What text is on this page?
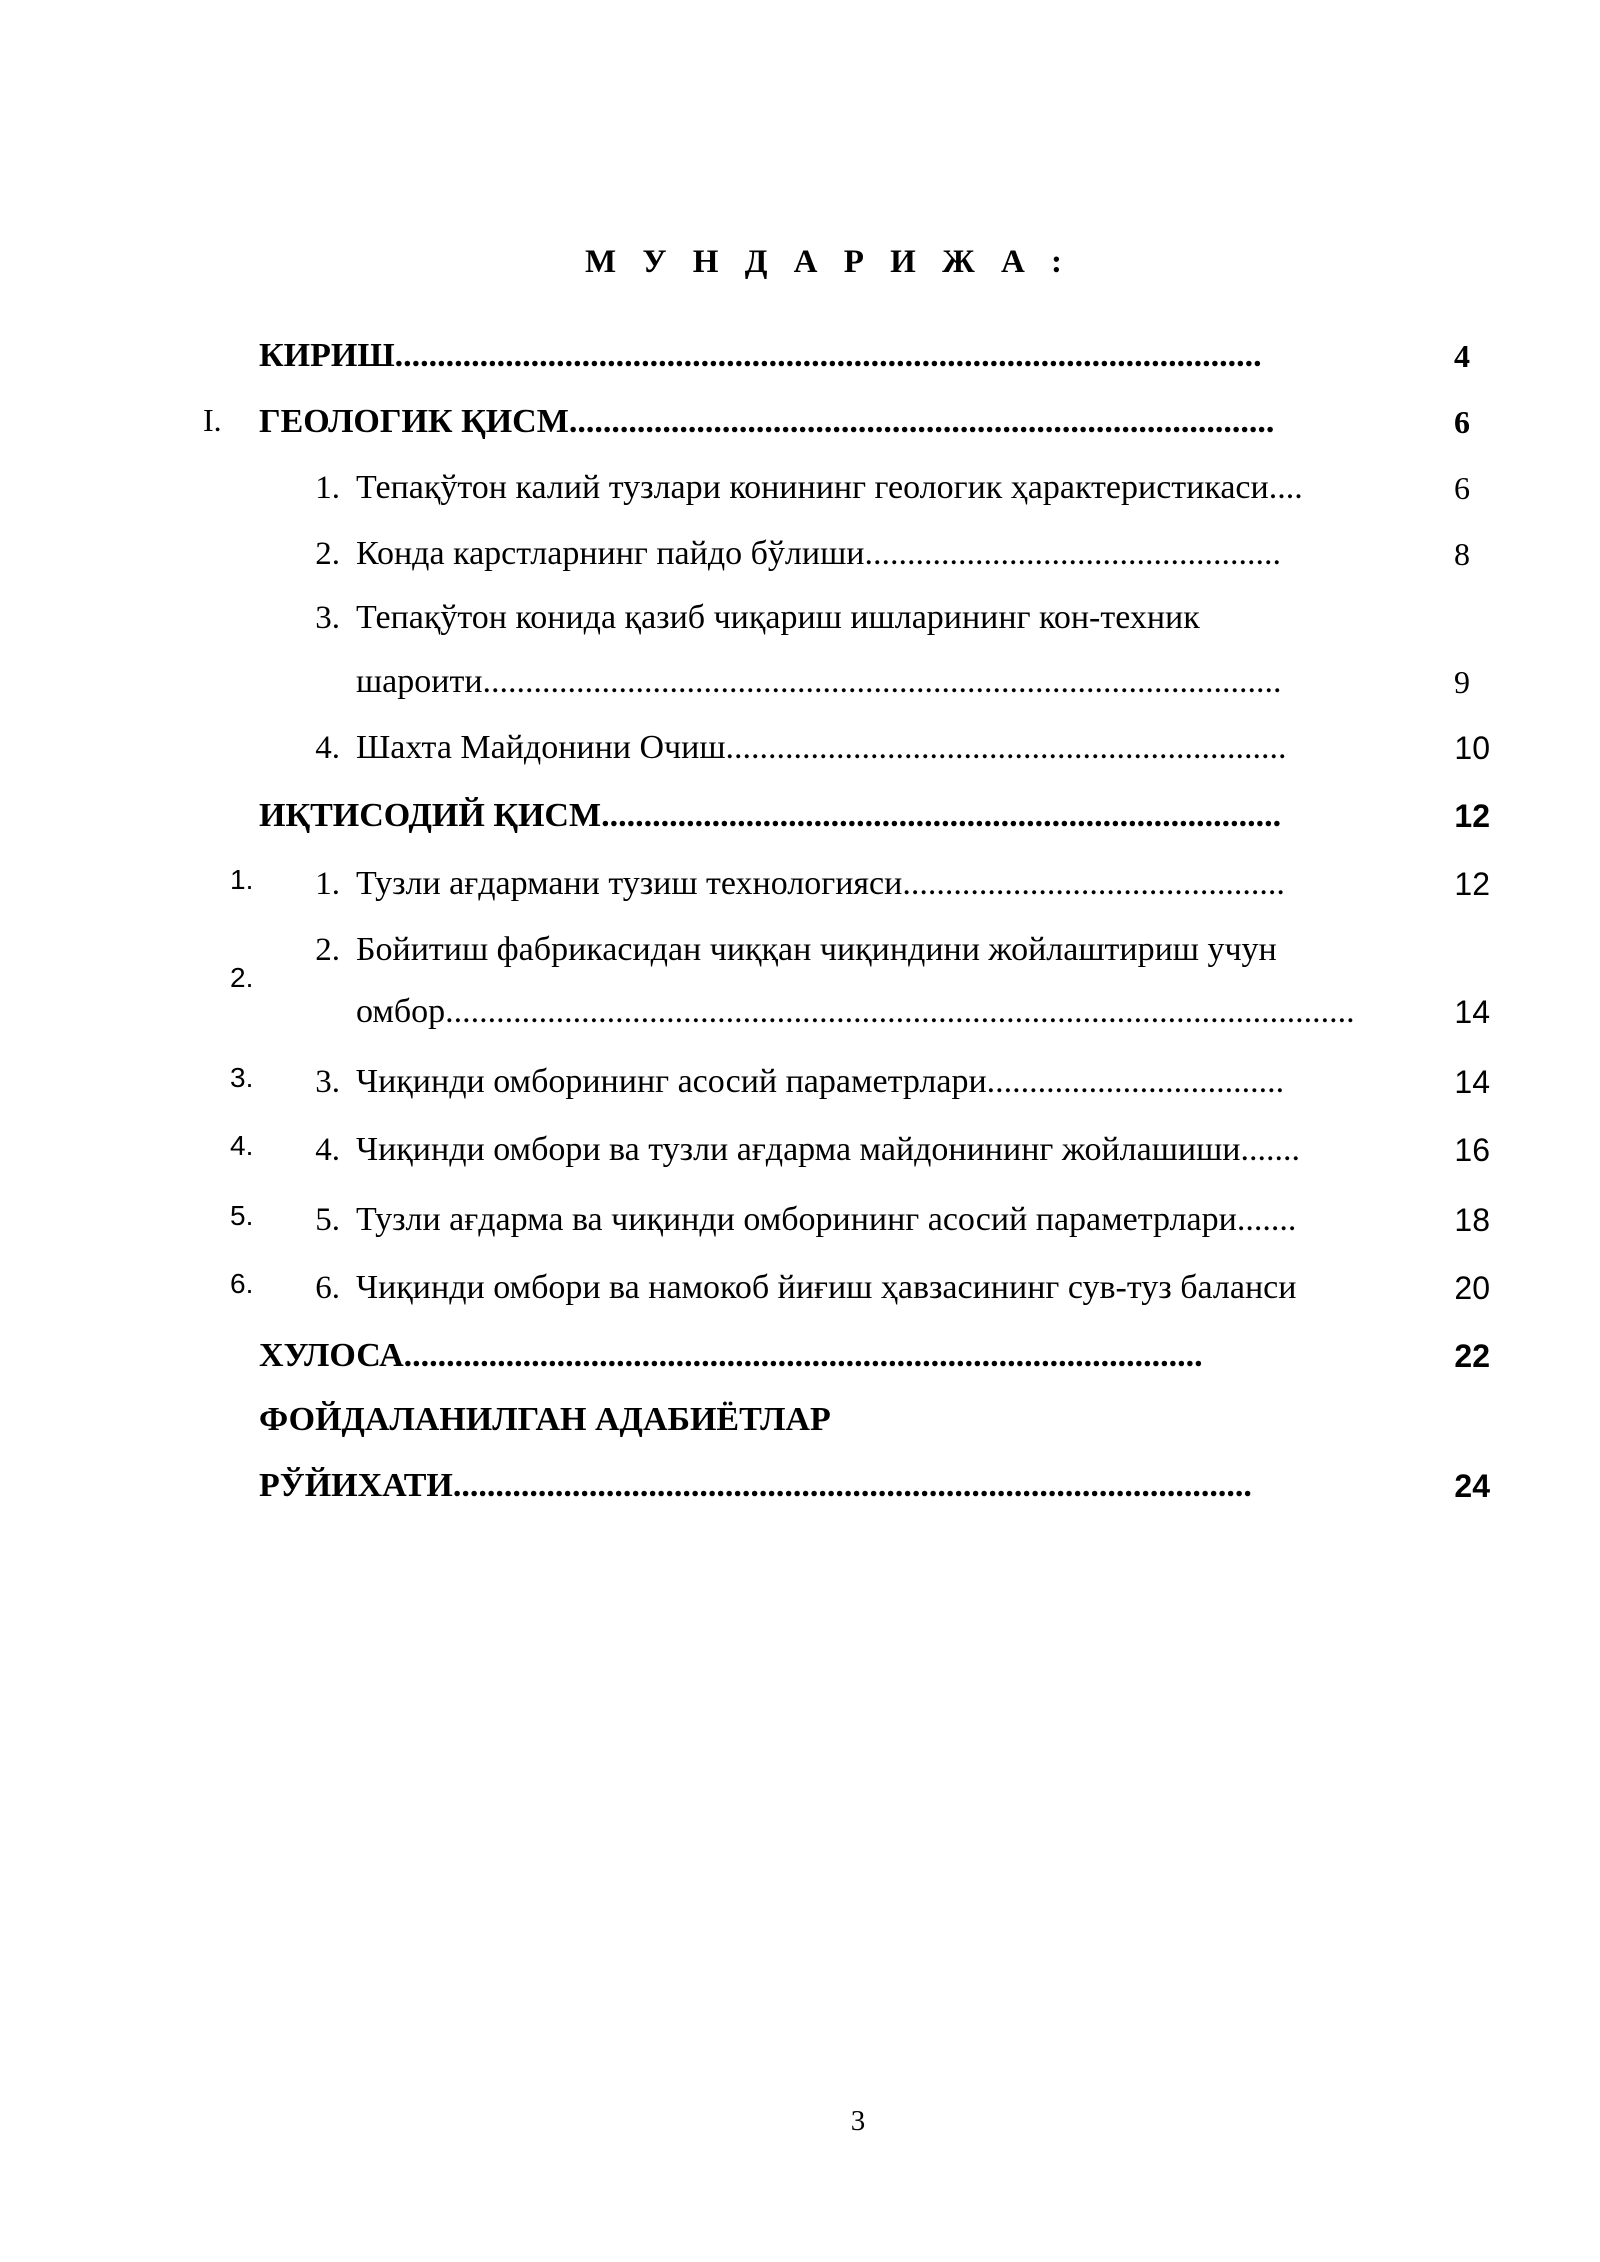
М У Н Д А Р И Ж А :
КИРИШ......................................................................................................	4
I. ГЕОЛОГИК ҚИСМ...................................................................................	6
1. Тепақўтон калий тузлари конининг геологик ҳарактеристикаси....	6
2. Конда карстларнинг пайдо бўлиши.................................................	8
3. Тепақўтон конида қазиб чиқариш ишларининг кон-техник
шароити..............................................................................................	9
4. Шахта Майдонини Очиш..................................................................	10
ИҚТИСОДИЙ ҚИСМ................................................................................	12
1.	1. Тузли ағдармани тузиш технологияси.............................................	12
2.
2. Бойитиш фабрикасидан чиққан чиқиндини жойлаштириш учун
омбор...........................................................................................................	14
3.	3. Чиқинди омборининг асосий параметрлари...................................	14
4.	4. Чиқинди омбори ва тузли ағдарма майдонининг жойлашиши.......	16
5.	5. Тузли ағдарма ва чиқинди омборининг асосий параметрлари.......	18
6.	6. Чиқинди омбори ва намокоб йиғиш ҳавзасининг сув-туз баланси	20
ХУЛОСА..............................................................................................	22
ФОЙДАЛАНИЛГАН АДАБИЁТЛАР
РЎЙИХАТИ..............................................................................................	24
3
